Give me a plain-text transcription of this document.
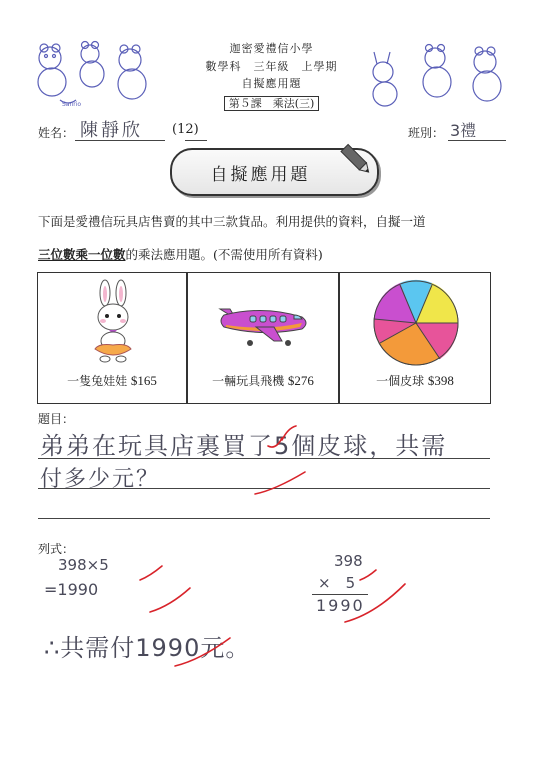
Sanrio
迦密愛禮信小學
數學科　三年級　上學期
自擬應用題
第５課　乘法(三)
姓名： 陳靜欣 (12)	班別： 3禮
自擬應用題
下面是愛禮信玩具店售賣的其中三款貨品。利用提供的資料，自擬一道
三位數乘一位數的乘法應用題。(不需使用所有資料)
一隻兔娃娃 $165	一輛玩具飛機 $276	一個皮球 $398
題目：
弟弟在玩具店裏買了5個皮球，共需
付多少元？
列式：
398×5
=1990
398
×　5
1990
∴共需付1990元。
